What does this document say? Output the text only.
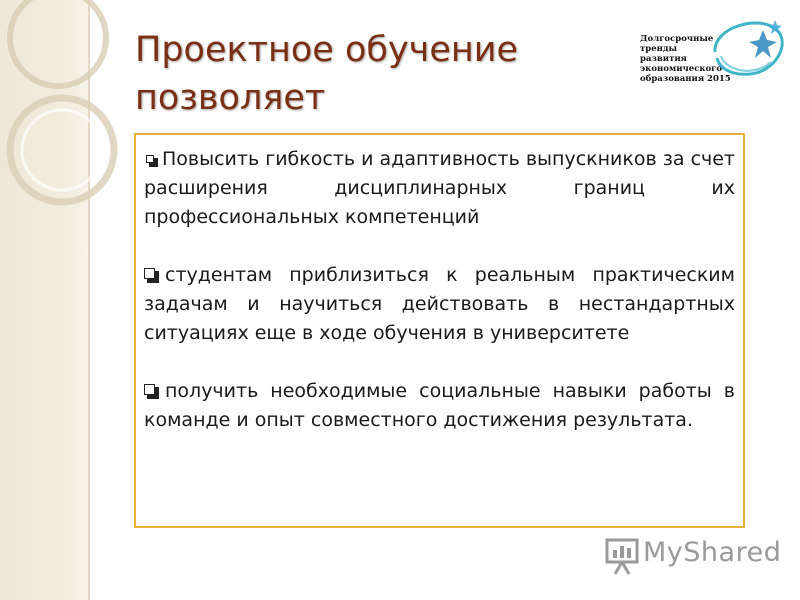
Проектное обучение
позволяет
Долгосрочные тренды
развития
экономического
образования 2015
Повысить гибкость и адаптивность выпускников за счет расширения дисциплинарных границ их профессиональных компетенций
студентам приблизиться к реальным практическим задачам и научиться действовать в нестандартных ситуациях еще в ходе обучения в университете
получить необходимые социальные навыки работы в команде и опыт совместного достижения результата.
MyShared
